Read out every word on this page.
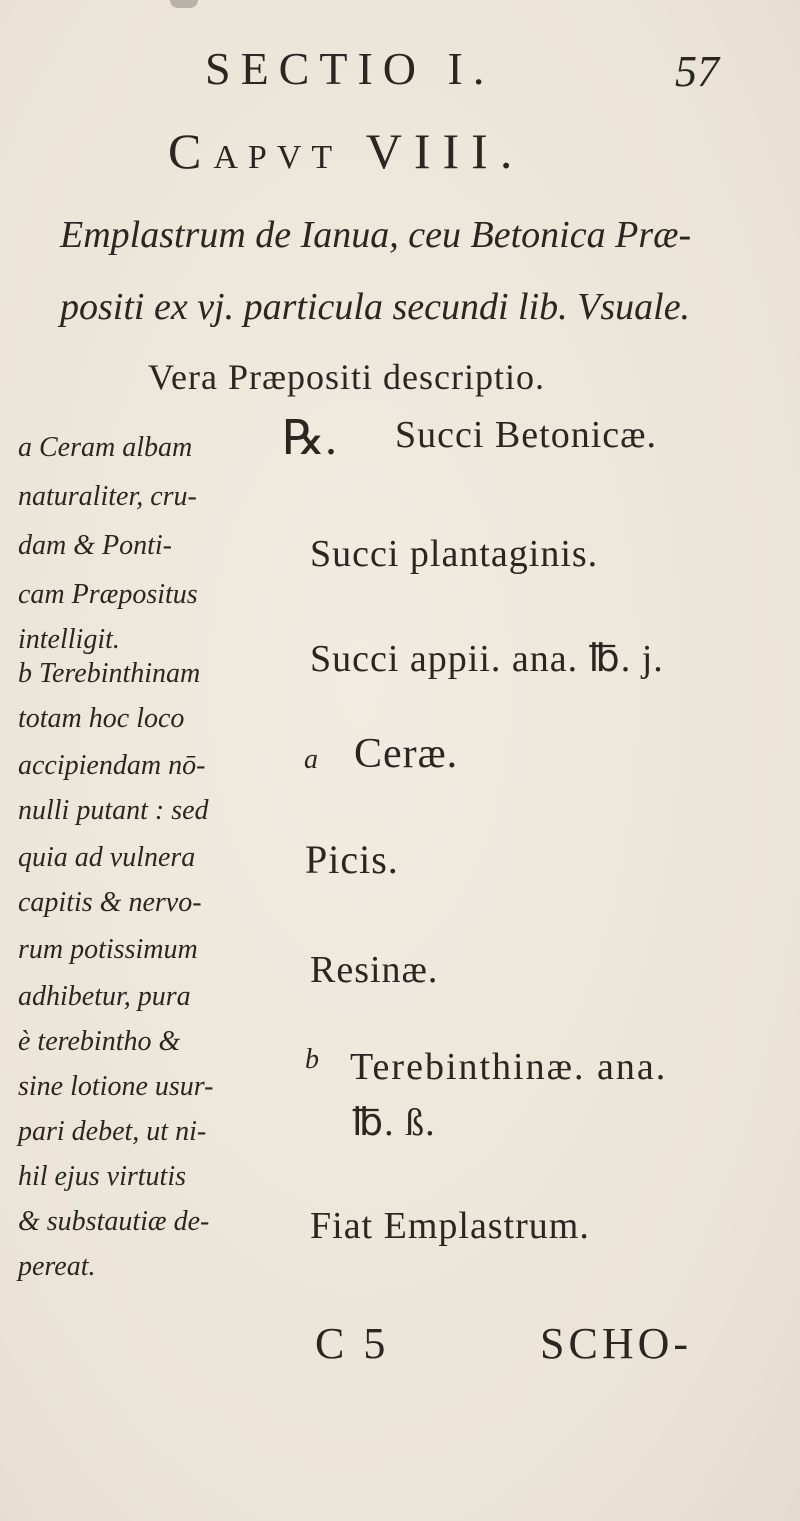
SECTIO I.	57
CAPVT VIII.
Emplastrum de Ianua, ceu Betonica Præ-
positi ex vj. particula secundi lib. Vsuale.
Vera Præpositi descriptio.
a Ceram albam
naturaliter, cru-
dam & Ponti-
cam Præpositus
intelligit.
b Terebinthinam
totam hoc loco
accipiendam nō-
nulli putant : sed
quia ad vulnera
capitis & nervo-
rum potissimum
adhibetur, pura
è terebintho &
sine lotione usur-
pari debet, ut ni-
hil ejus virtutis
& substautiæ de-
pereat.
℞. Succi Betonicæ.
Succi plantaginis.
Succi appii. ana. ℔. j.
a Ceræ.
Picis.
Resinæ.
b Terebinthinæ. ana.
℔. ß.
Fiat Emplastrum.
C 5	SCHO-
